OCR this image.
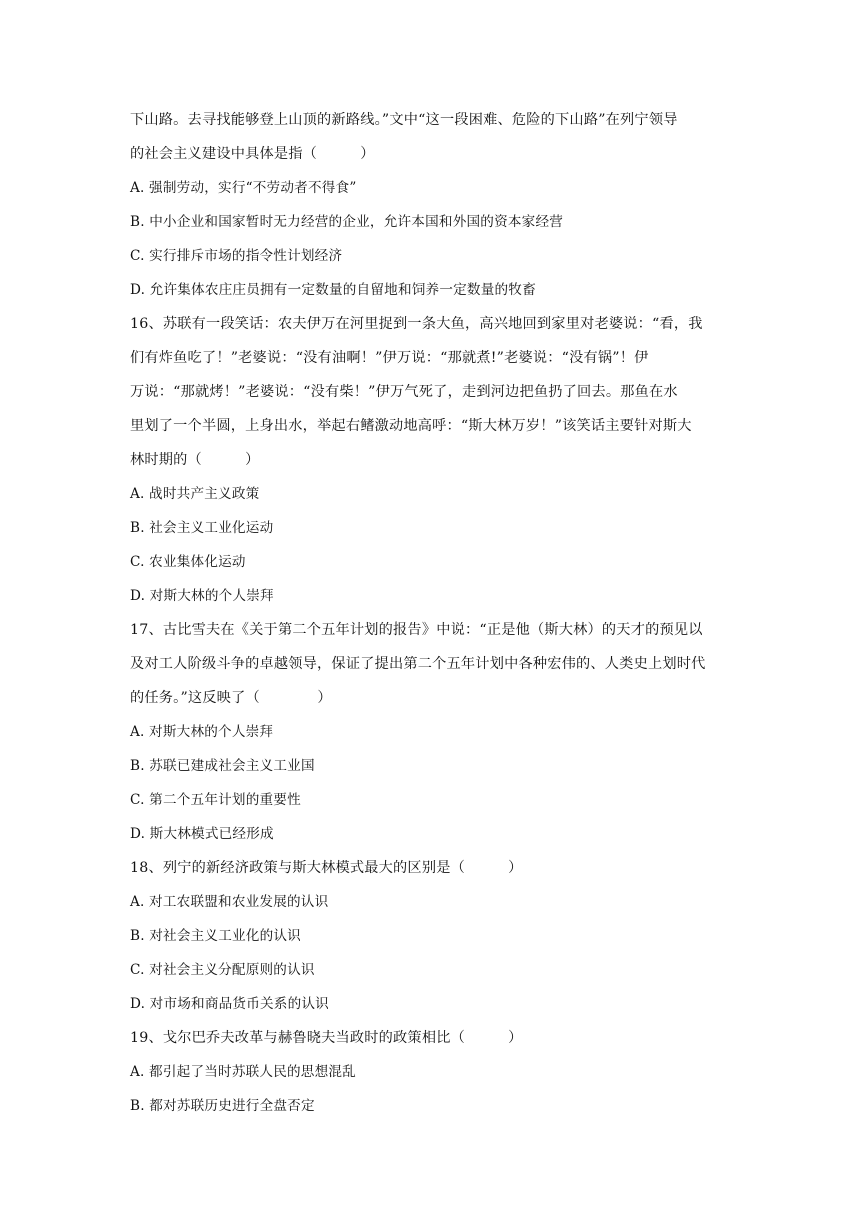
下山路。去寻找能够登上山顶的新路线。”文中“这一段困难、危险的下山路”在列宁领导
的社会主义建设中具体是指（　　　）
A. 强制劳动，实行“不劳动者不得食”
B. 中小企业和国家暂时无力经营的企业，允许本国和外国的资本家经营
C. 实行排斥市场的指令性计划经济
D. 允许集体农庄庄员拥有一定数量的自留地和饲养一定数量的牧畜
16、苏联有一段笑话：农夫伊万在河里捉到一条大鱼，高兴地回到家里对老婆说：“看，我
们有炸鱼吃了！”老婆说：“没有油啊！”伊万说：“那就煮!”老婆说：“没有锅”！伊
万说：“那就烤！”老婆说：“没有柴！”伊万气死了，走到河边把鱼扔了回去。那鱼在水
里划了一个半圆，上身出水，举起右鳍激动地高呼：“斯大林万岁！”该笑话主要针对斯大
林时期的（　　　）
A. 战时共产主义政策
B. 社会主义工业化运动
C. 农业集体化运动
D. 对斯大林的个人崇拜
17、古比雪夫在《关于第二个五年计划的报告》中说：“正是他（斯大林）的天才的预见以
及对工人阶级斗争的卓越领导，保证了提出第二个五年计划中各种宏伟的、人类史上划时代
的任务。”这反映了（　　　　）
A. 对斯大林的个人崇拜
B. 苏联已建成社会主义工业国
C. 第二个五年计划的重要性
D. 斯大林模式已经形成
18、列宁的新经济政策与斯大林模式最大的区别是（　　　）
A. 对工农联盟和农业发展的认识
B. 对社会主义工业化的认识
C. 对社会主义分配原则的认识
D. 对市场和商品货币关系的认识
19、戈尔巴乔夫改革与赫鲁晓夫当政时的政策相比（　　　）
A. 都引起了当时苏联人民的思想混乱
B. 都对苏联历史进行全盘否定
